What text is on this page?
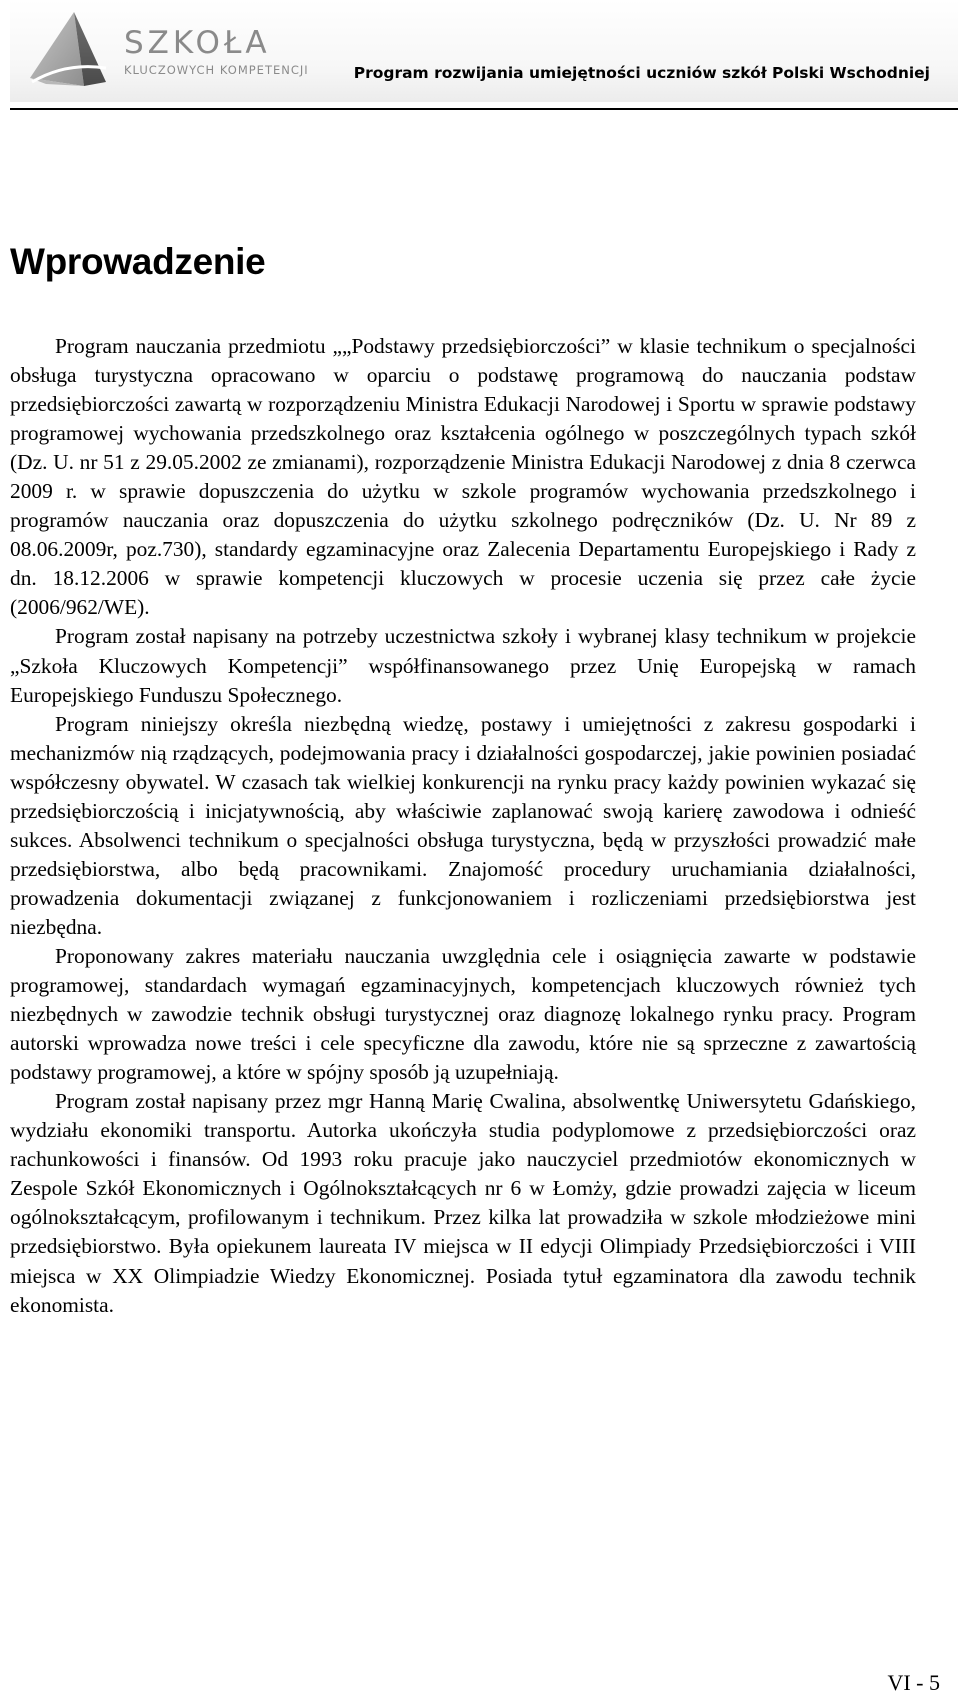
SZKOŁA
KLUCZOWYCH KOMPETENCJI	Program rozwijania umiejętności uczniów szkół Polski Wschodniej
Wprowadzenie

Program nauczania przedmiotu „„Podstawy przedsiębiorczości” w klasie technikum o specjalności obsługa turystyczna opracowano w oparciu o podstawę programową do nauczania podstaw przedsiębiorczości zawartą w rozporządzeniu Ministra Edukacji Narodowej i Sportu w sprawie podstawy programowej wychowania przedszkolnego oraz kształcenia ogólnego w poszczególnych typach szkół (Dz. U. nr 51 z 29.05.2002 ze zmianami), rozporządzenie Ministra Edukacji Narodowej z dnia 8 czerwca 2009 r. w sprawie dopuszczenia do użytku w szkole programów wychowania przedszkolnego i programów nauczania oraz dopuszczenia do użytku szkolnego podręczników (Dz. U. Nr 89 z 08.06.2009r, poz.730), standardy egzaminacyjne oraz Zalecenia Departamentu Europejskiego i Rady z dn. 18.12.2006 w sprawie kompetencji kluczowych w procesie uczenia się przez całe życie (2006/962/WE).

Program został napisany na potrzeby uczestnictwa szkoły i wybranej klasy technikum w projekcie „Szkoła Kluczowych Kompetencji” współfinansowanego przez Unię Europejską w ramach Europejskiego Funduszu Społecznego.

Program niniejszy określa niezbędną wiedzę, postawy i umiejętności z zakresu gospodarki i mechanizmów nią rządzących, podejmowania pracy i działalności gospodarczej, jakie powinien posiadać współczesny obywatel. W czasach tak wielkiej konkurencji na rynku pracy każdy powinien wykazać się przedsiębiorczością i inicjatywnością, aby właściwie zaplanować swoją karierę zawodowa i odnieść sukces. Absolwenci technikum o specjalności obsługa turystyczna, będą w przyszłości prowadzić małe przedsiębiorstwa, albo będą pracownikami. Znajomość procedury uruchamiania działalności, prowadzenia dokumentacji związanej z funkcjonowaniem i rozliczeniami przedsiębiorstwa jest niezbędna.

Proponowany zakres materiału nauczania uwzględnia cele i osiągnięcia zawarte w podstawie programowej, standardach wymagań egzaminacyjnych, kompetencjach kluczowych również tych niezbędnych w zawodzie technik obsługi turystycznej oraz diagnozę lokalnego rynku pracy. Program autorski wprowadza nowe treści i cele specyficzne dla zawodu, które nie są sprzeczne z zawartością podstawy programowej, a które w spójny sposób ją uzupełniają.

Program został napisany przez mgr Hanną Marię Cwalina, absolwentkę Uniwersytetu Gdańskiego, wydziału ekonomiki transportu. Autorka ukończyła studia podyplomowe z przedsiębiorczości oraz rachunkowości i finansów. Od 1993 roku pracuje jako nauczyciel przedmiotów ekonomicznych w Zespole Szkół Ekonomicznych i Ogólnokształcących nr 6 w Łomży, gdzie prowadzi zajęcia w liceum ogólnokształcącym, profilowanym i technikum. Przez kilka lat prowadziła w szkole młodzieżowe mini przedsiębiorstwo. Była opiekunem laureata IV miejsca w II edycji Olimpiady Przedsiębiorczości i VIII miejsca w XX Olimpiadzie Wiedzy Ekonomicznej. Posiada tytuł egzaminatora dla zawodu technik ekonomista.

VI - 5
